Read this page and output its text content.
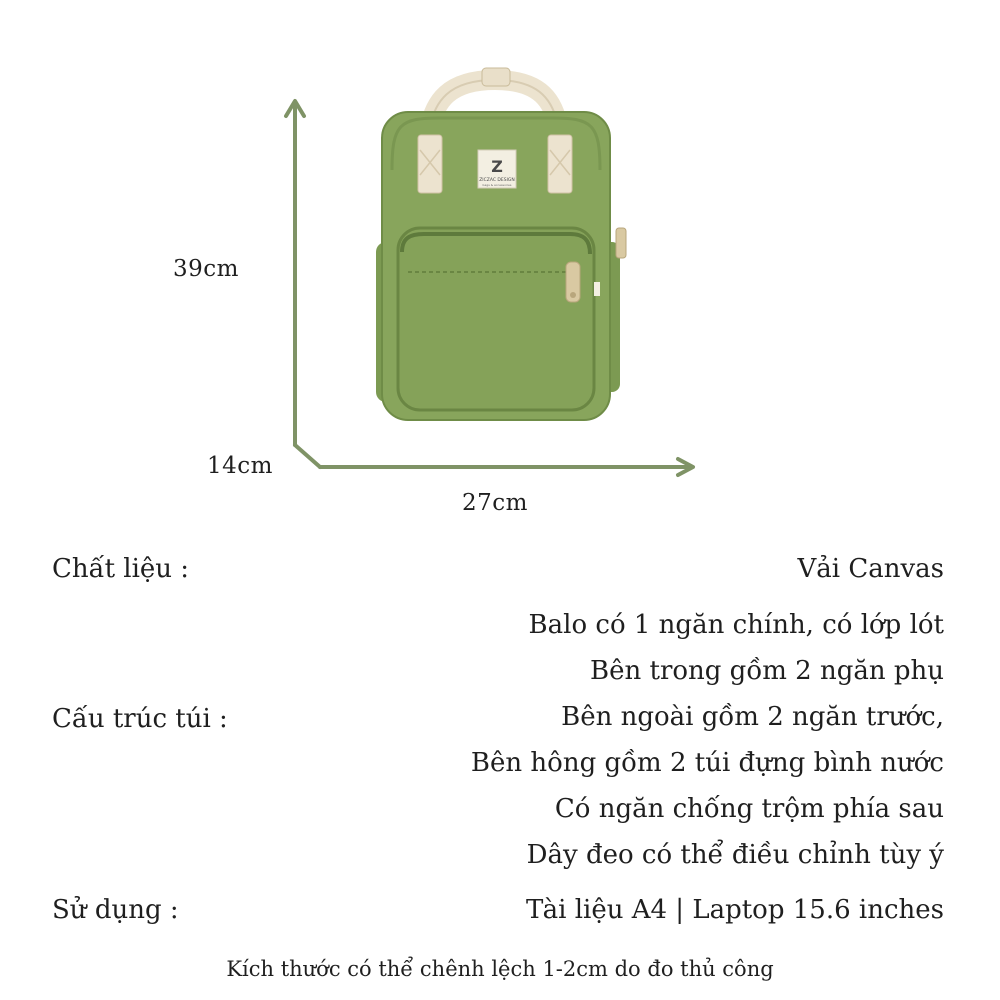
Z
ZICZAC DESIGN
bags & accessories
39cm
14cm
27cm
Chất liệu :	Vải Canvas
Cấu trúc túi :
Balo có 1 ngăn chính, có lớp lót
Bên trong gồm 2 ngăn phụ
Bên ngoài gồm 2 ngăn trước,
Bên hông gồm 2 túi đựng bình nước
Có ngăn chống trộm phía sau
Dây đeo có thể điều chỉnh tùy ý
Sử dụng :	Tài liệu A4 | Laptop 15.6 inches
Kích thước có thể chênh lệch 1-2cm do đo thủ công
